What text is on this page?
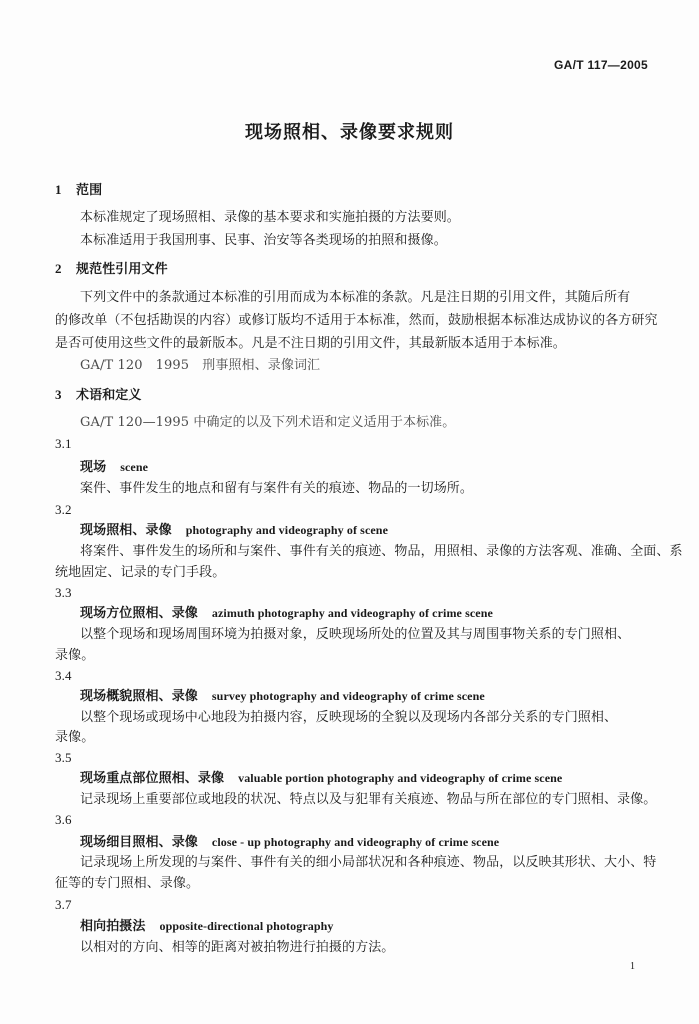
GA/T 117—2005
现场照相、录像要求规则
1 范围
本标准规定了现场照相、录像的基本要求和实施拍摄的方法要则。
本标准适用于我国刑事、民事、治安等各类现场的拍照和摄像。
2 规范性引用文件
下列文件中的条款通过本标准的引用而成为本标准的条款。凡是注日期的引用文件，其随后所有
的修改单（不包括勘误的内容）或修订版均不适用于本标准，然而，鼓励根据本标准达成协议的各方研究
是否可使用这些文件的最新版本。凡是不注日期的引用文件，其最新版本适用于本标准。
GA/T 120　1995　刑事照相、录像词汇
3 术语和定义
GA/T 120—1995 中确定的以及下列术语和定义适用于本标准。
3.1
现场 scene
案件、事件发生的地点和留有与案件有关的痕迹、物品的一切场所。
3.2
现场照相、录像 photography and videography of scene
将案件、事件发生的场所和与案件、事件有关的痕迹、物品，用照相、录像的方法客观、准确、全面、系
统地固定、记录的专门手段。
3.3
现场方位照相、录像 azimuth photography and videography of crime scene
以整个现场和现场周围环境为拍摄对象，反映现场所处的位置及其与周围事物关系的专门照相、
录像。
3.4
现场概貌照相、录像 survey photography and videography of crime scene
以整个现场或现场中心地段为拍摄内容，反映现场的全貌以及现场内各部分关系的专门照相、
录像。
3.5
现场重点部位照相、录像 valuable portion photography and videography of crime scene
记录现场上重要部位或地段的状况、特点以及与犯罪有关痕迹、物品与所在部位的专门照相、录像。
3.6
现场细目照相、录像 close - up photography and videography of crime scene
记录现场上所发现的与案件、事件有关的细小局部状况和各种痕迹、物品，以反映其形状、大小、特
征等的专门照相、录像。
3.7
相向拍摄法 opposite-directional photography
以相对的方向、相等的距离对被拍物进行拍摄的方法。
1
